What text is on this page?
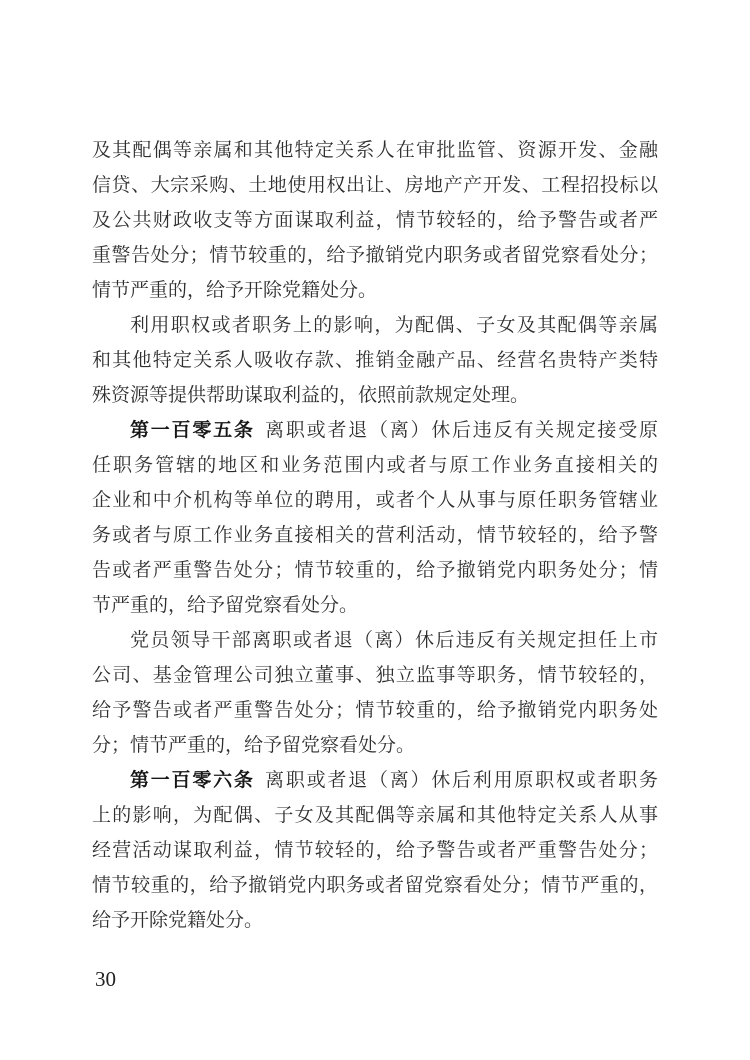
及其配偶等亲属和其他特定关系人在审批监管、资源开发、金融
信贷、大宗采购、土地使用权出让、房地产产开发、工程招投标以
及公共财政收支等方面谋取利益，情节较轻的，给予警告或者严
重警告处分；情节较重的，给予撤销党内职务或者留党察看处分；
情节严重的，给予开除党籍处分。
利用职权或者职务上的影响，为配偶、子女及其配偶等亲属
和其他特定关系人吸收存款、推销金融产品、经营名贵特产类特
殊资源等提供帮助谋取利益的，依照前款规定处理。
第一百零五条 离职或者退（离）休后违反有关规定接受原
任职务管辖的地区和业务范围内或者与原工作业务直接相关的
企业和中介机构等单位的聘用，或者个人从事与原任职务管辖业
务或者与原工作业务直接相关的营利活动，情节较轻的，给予警
告或者严重警告处分；情节较重的，给予撤销党内职务处分；情
节严重的，给予留党察看处分。
党员领导干部离职或者退（离）休后违反有关规定担任上市
公司、基金管理公司独立董事、独立监事等职务，情节较轻的，
给予警告或者严重警告处分；情节较重的，给予撤销党内职务处
分；情节严重的，给予留党察看处分。
第一百零六条 离职或者退（离）休后利用原职权或者职务
上的影响，为配偶、子女及其配偶等亲属和其他特定关系人从事
经营活动谋取利益，情节较轻的，给予警告或者严重警告处分；
情节较重的，给予撤销党内职务或者留党察看处分；情节严重的，
给予开除党籍处分。
30
